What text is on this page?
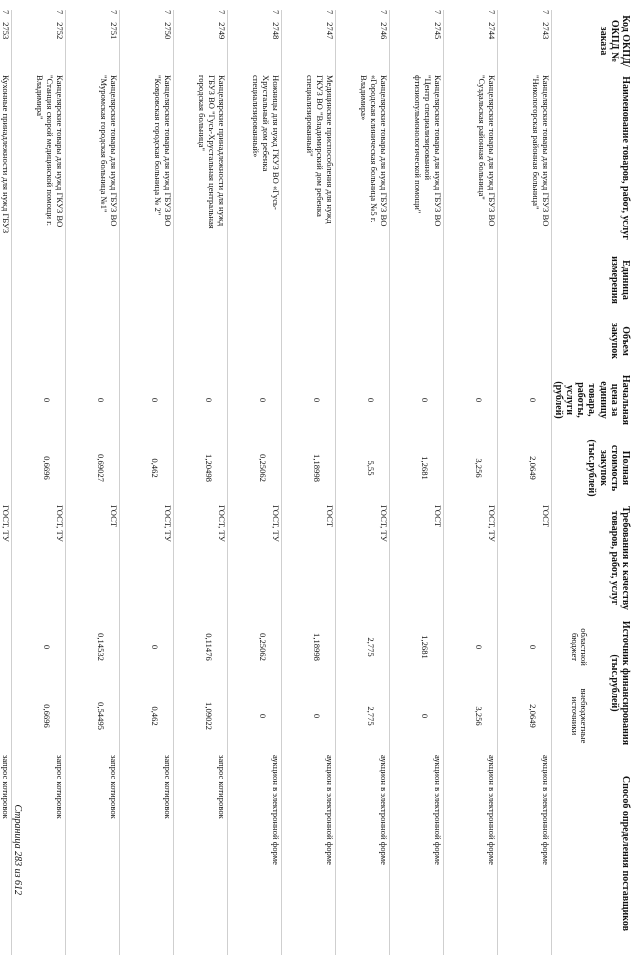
Код ОКПД/ ОКПД № заказа	Наименование товаров, работ, услуг	Единица измерения	Объем закупок	Начальная цена за единицу товара, работы, услуги (рублей)	Полная стоимость закупок (тыс.рублей)	Требования к качеству товаров, работ, услуг	Источник финансирования (тыс.рублей)		Способ определения поставщиков
							областной бюджет	внебюджетные источники	
7 2743	Канцелярские товары для нужд ГБУЗ ВО "Никологорская районная больница"			0	2,0649	ГОСТ	0	2,0649	аукцион в электронной форме
7 2744	Канцелярские товары для нужд ГБУЗ ВО "Суздальская районная больница"			0	3,256	ГОСТ, ТУ	0	3,256	аукцион в электронной форме
7 2745	Канцелярские товары для нужд ГБУЗ ВО "Центр специализированной фтизиопульмонологической помощи"			0	1,2681	ГОСТ	1,2681	0	аукцион в электронной форме
7 2746	Канцелярские товары для нужд ГБУЗ ВО «Городская клиническая больница №5 г. Владимира»			0	5,55	ГОСТ, ТУ	2,775	2,775	аукцион в электронной форме
7 2747	Медицинские приспособления для нужд ГКУЗ ВО "Владимирский дом ребенка специализированный"			0	1,18998	ГОСТ	1,18998	0	аукцион в электронной форме
7 2748	Ножницы для нужд ГКУЗ ВО «Гусь-Хрустальный дом ребенка специализированный»			0	0,25062	ГОСТ, ТУ	0,25062	0	аукцион в электронной форме
7 2749	Канцелярские принадлежности для нужд ГБУЗ ВО "Гусь-Хрустальная центральная городская больница"			0	1,20498	ГОСТ, ТУ	0,11476	1,09022	запрос котировок
7 2750	Канцелярские товары для нужд ГБУЗ ВО "Ковровская городская больница № 2"			0	0,462	ГОСТ, ТУ	0	0,462	запрос котировок
7 2751	Канцелярские товары для нужд ГБУЗ ВО "Муромская городская больница №1"			0	0,69027	ГОСТ	0,14532	0,54495	запрос котировок
7 2752	Канцелярские товары для нужд ГКУЗ ВО "Станция скорой медицинской помощи г. Владимира"			0	0,6696	ГОСТ, ТУ	0	0,6696	запрос котировок
7 2753	Кухонные принадлежности для нужд ГБУЗ					ГОСТ, ТУ			запрос котировок
Страница 283 из 612
